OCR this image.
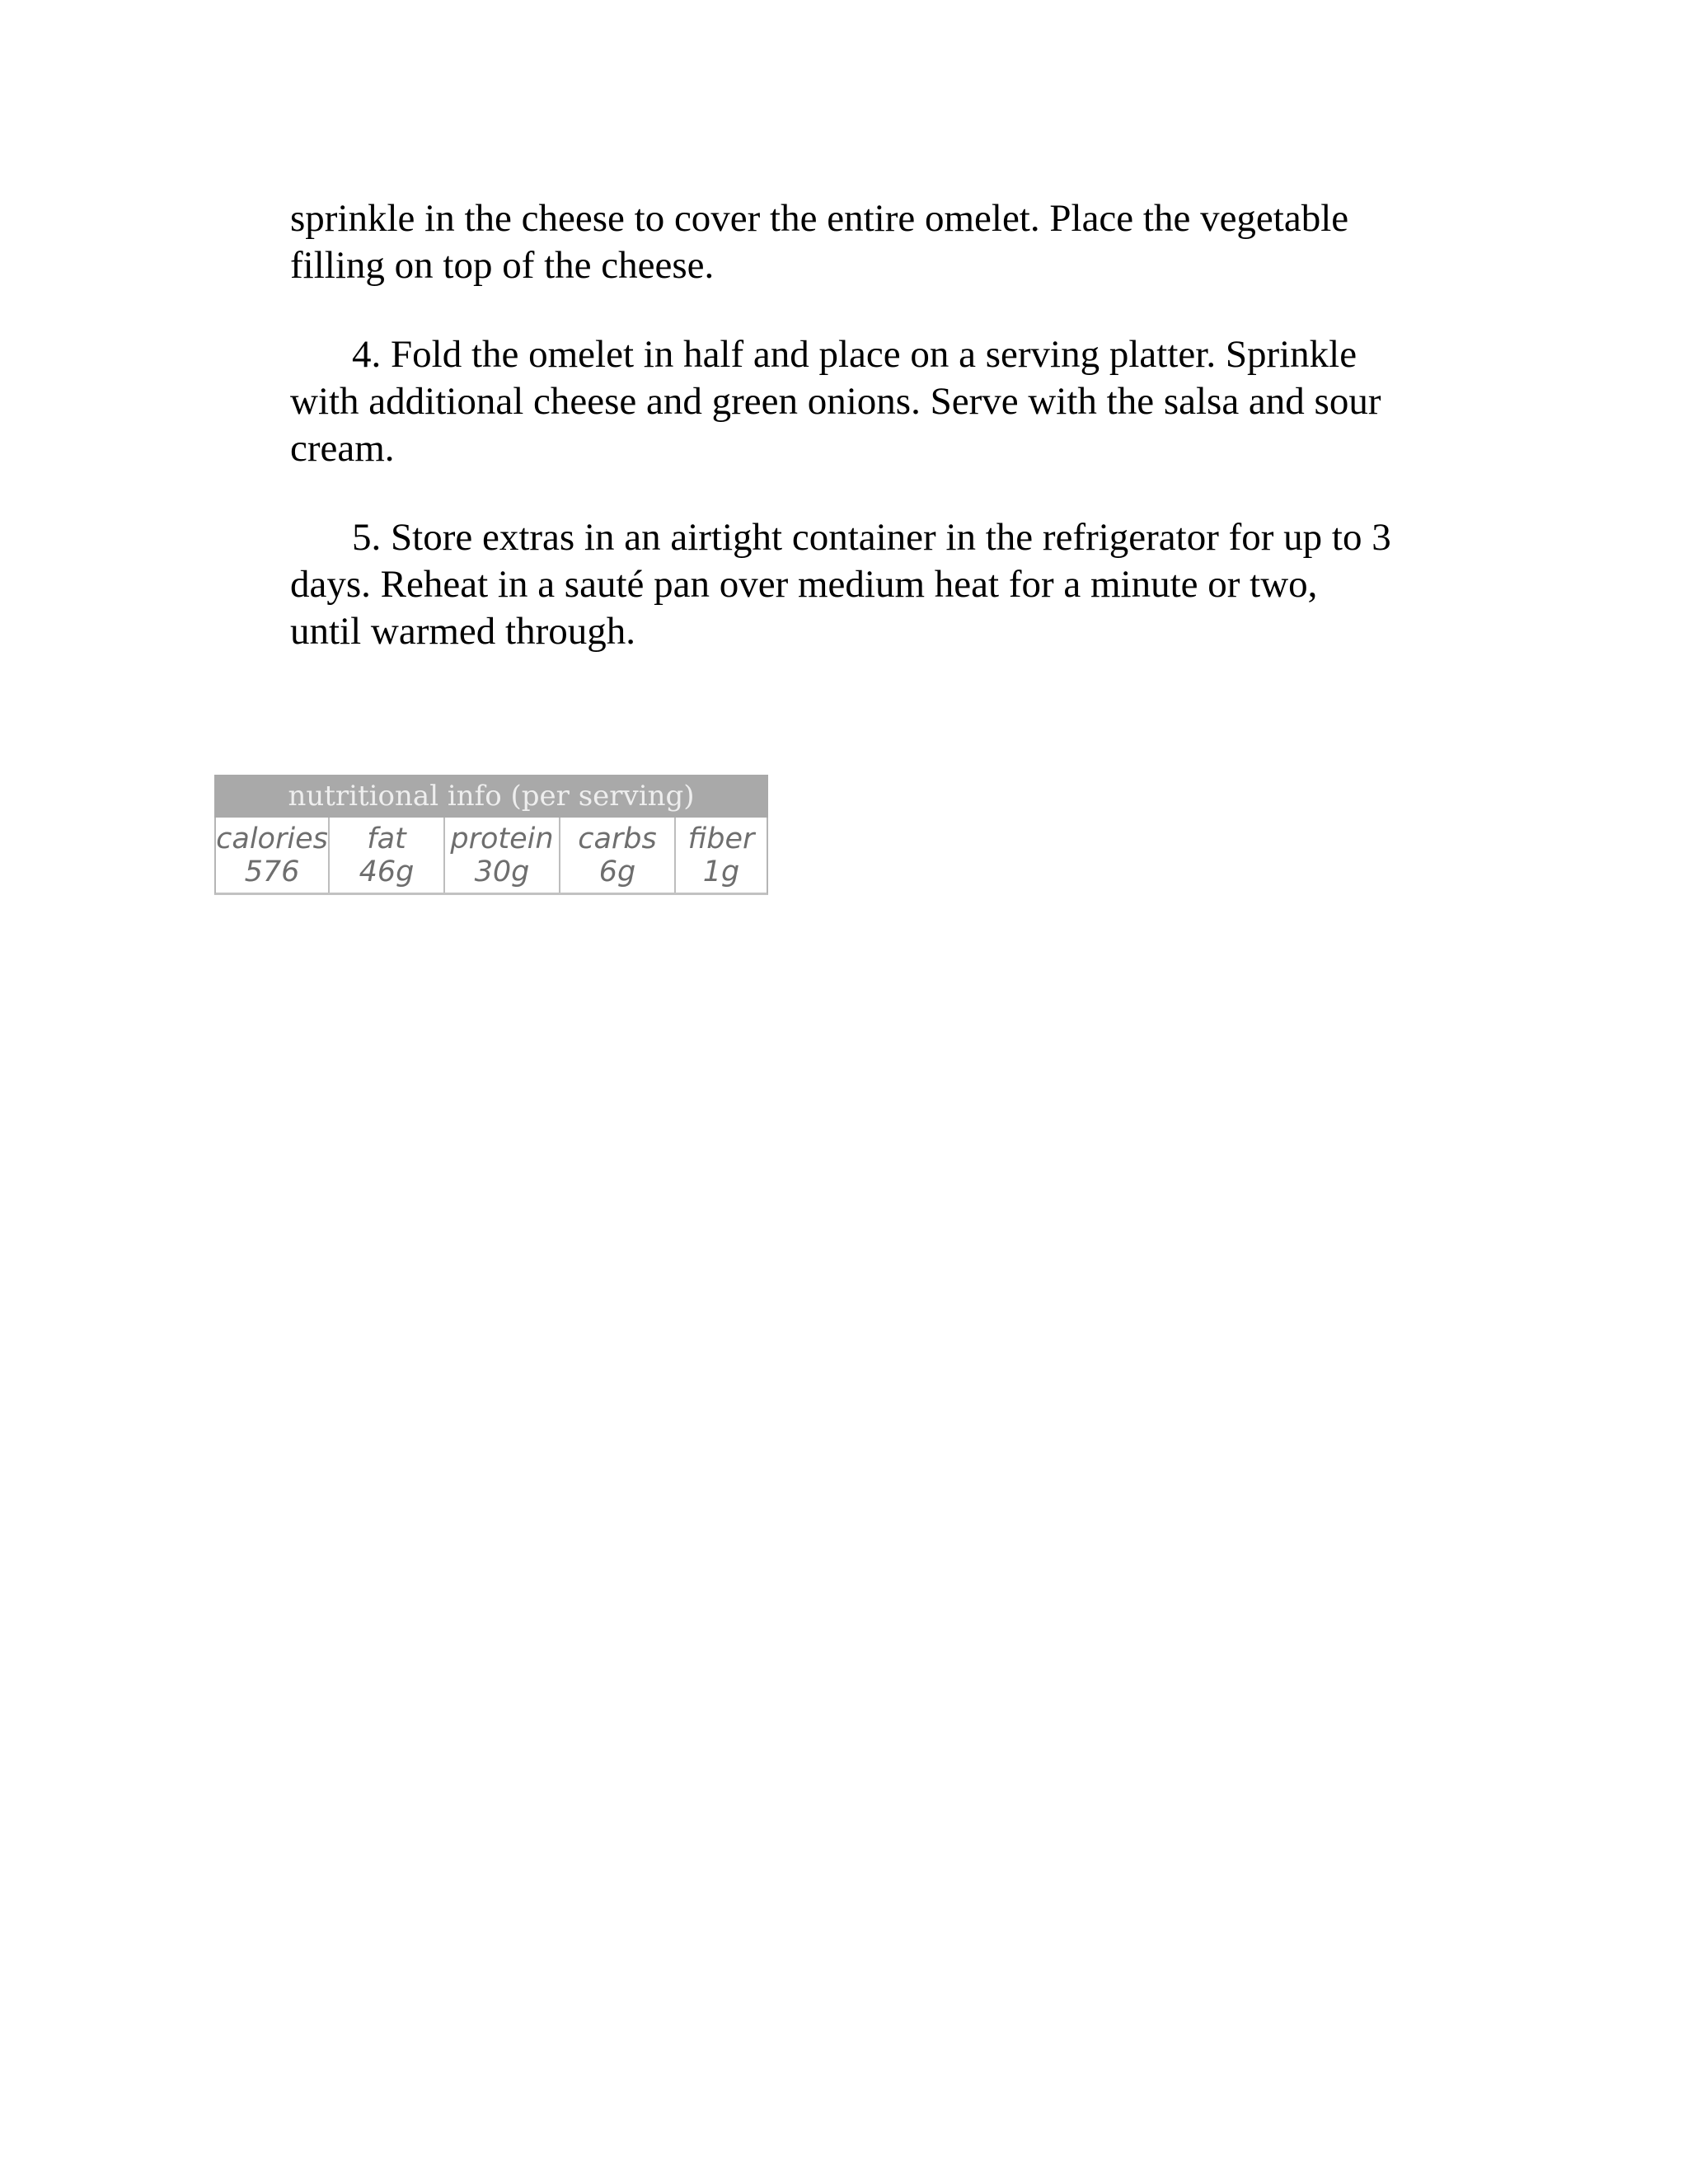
sprinkle in the cheese to cover the entire omelet. Place the vegetable
filling on top of the cheese.

4. Fold the omelet in half and place on a serving platter. Sprinkle
with additional cheese and green onions. Serve with the salsa and sour
cream.

5. Store extras in an airtight container in the refrigerator for up to 3
days. Reheat in a sauté pan over medium heat for a minute or two,
until warmed through.

nutritional info (per serving)
calories
576
fat
46g
protein
30g
carbs
6g
fiber
1g
